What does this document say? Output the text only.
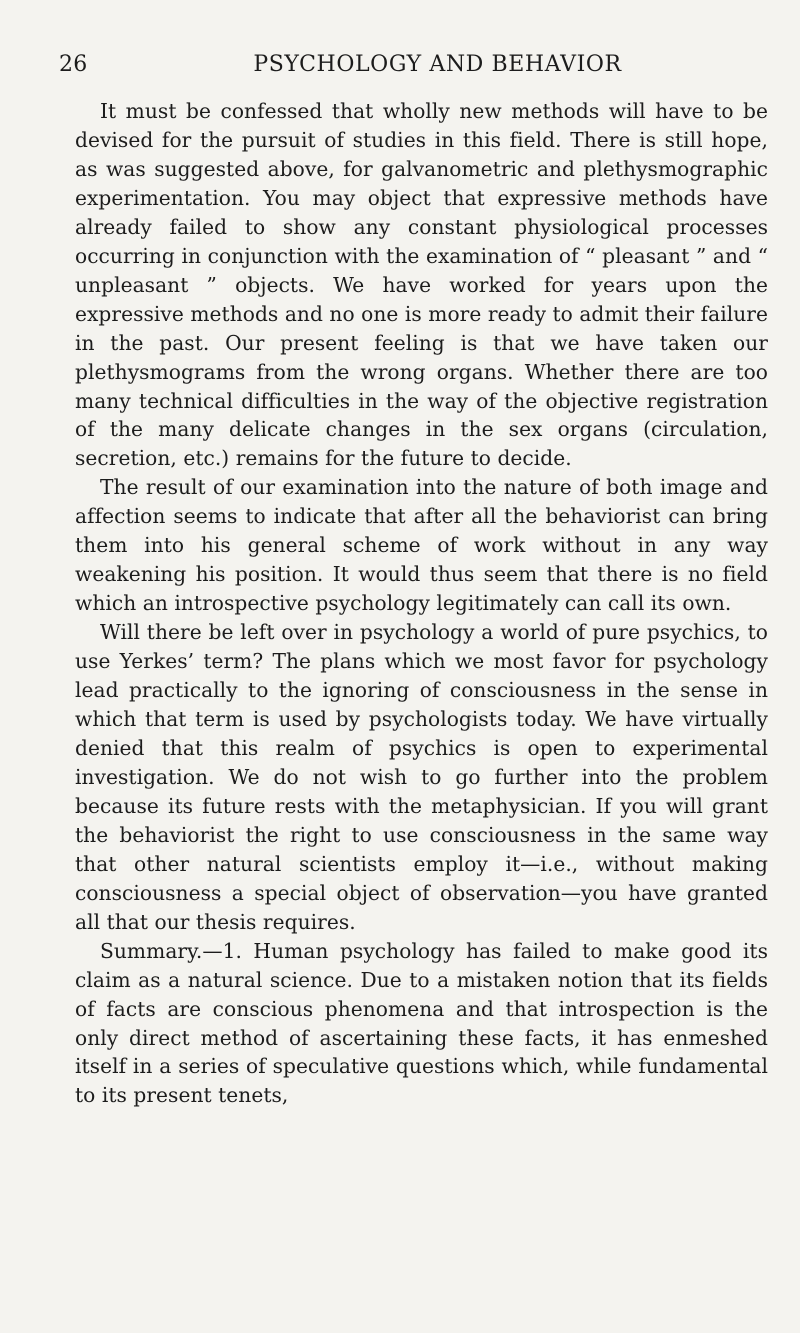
26	PSYCHOLOGY AND BEHAVIOR

It must be confessed that wholly new methods will have to be devised for the pursuit of studies in this field. There is still hope, as was suggested above, for galvanometric and plethysmographic experimentation. You may object that expressive methods have already failed to show any constant physiological processes occurring in conjunction with the examination of “ pleasant ” and “ unpleasant ” objects. We have worked for years upon the expressive methods and no one is more ready to admit their failure in the past. Our present feeling is that we have taken our plethysmograms from the wrong organs. Whether there are too many technical difficulties in the way of the objective registration of the many delicate changes in the sex organs (circulation, secretion, etc.) remains for the future to decide.

The result of our examination into the nature of both image and affection seems to indicate that after all the behaviorist can bring them into his general scheme of work without in any way weakening his position. It would thus seem that there is no field which an introspective psychology legitimately can call its own.

Will there be left over in psychology a world of pure psychics, to use Yerkes’ term? The plans which we most favor for psychology lead practically to the ignoring of consciousness in the sense in which that term is used by psychologists today. We have virtually denied that this realm of psychics is open to experimental investigation. We do not wish to go further into the problem because its future rests with the metaphysician. If you will grant the behaviorist the right to use consciousness in the same way that other natural scientists employ it—i.e., without making consciousness a special object of observation—you have granted all that our thesis requires.

Summary.—1. Human psychology has failed to make good its claim as a natural science. Due to a mistaken notion that its fields of facts are conscious phenomena and that introspection is the only direct method of ascertaining these facts, it has enmeshed itself in a series of speculative questions which, while fundamental to its present tenets,
